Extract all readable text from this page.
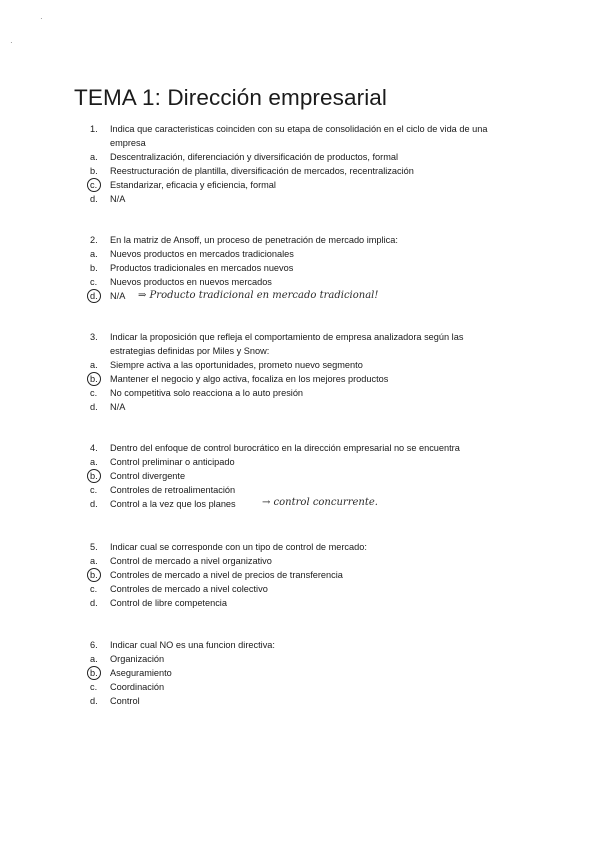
·
·
TEMA 1: Dirección empresarial
1. Indica que caracteristicas coinciden con su etapa de consolidación en el ciclo de vida de una empresa
a. Descentralización, diferenciación y diversificación de productos, formal
b. Reestructuración de plantilla, diversificación de mercados, recentralización
c. Estandarizar, eficacia y eficiencia, formal
d. N/A
2. En la matriz de Ansoff, un proceso de penetración de mercado implica:
a. Nuevos productos en mercados tradicionales
b. Productos tradicionales en mercados nuevos
c. Nuevos productos en nuevos mercados
d. N/A ⇒ Producto tradicional en mercado tradicional!
3. Indicar la proposición que refleja el comportamiento de empresa analizadora según las estrategias definidas por Miles y Snow:
a. Siempre activa a las oportunidades, prometo nuevo segmento
b. Mantener el negocio y algo activa, focaliza en los mejores productos
c. No competitiva solo reacciona a lo auto presión
d. N/A
4. Dentro del enfoque de control burocrático en la dirección empresarial no se encuentra
a. Control preliminar o anticipado
b. Control divergente
c. Controles de retroalimentación
d. Control a la vez que los planes	→ control concurrente.
5. Indicar cual se corresponde con un tipo de control de mercado:
a. Control de mercado a nivel organizativo
b. Controles de mercado a nivel de precios de transferencia
c. Controles de mercado a nivel colectivo
d. Control de libre competencia
6. Indicar cual NO es una funcion directiva:
a. Organización
b. Aseguramiento
c. Coordinación
d. Control
